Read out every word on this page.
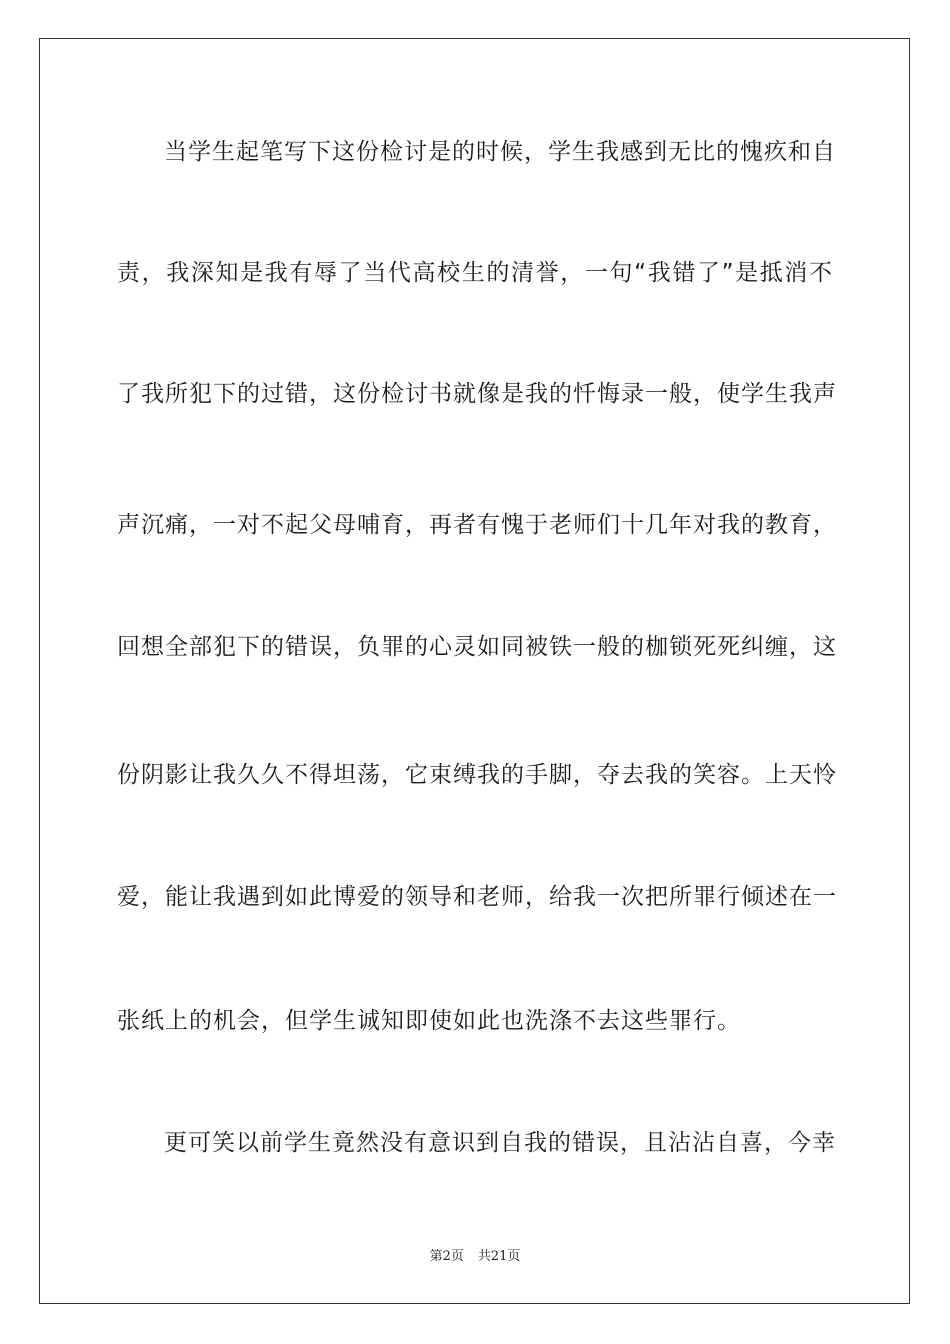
当学生起笔写下这份检讨是的时候，学生我感到无比的愧疚和自
责，我深知是我有辱了当代高校生的清誉，一句“我错了”是抵消不
了我所犯下的过错，这份检讨书就像是我的忏悔录一般，使学生我声
声沉痛，一对不起父母哺育，再者有愧于老师们十几年对我的教育，
回想全部犯下的错误，负罪的心灵如同被铁一般的枷锁死死纠缠，这
份阴影让我久久不得坦荡，它束缚我的手脚，夺去我的笑容。上天怜
爱，能让我遇到如此博爱的领导和老师，给我一次把所罪行倾述在一
张纸上的机会，但学生诚知即使如此也洗涤不去这些罪行。
更可笑以前学生竟然没有意识到自我的错误，且沾沾自喜，今幸
第2页 共21页
